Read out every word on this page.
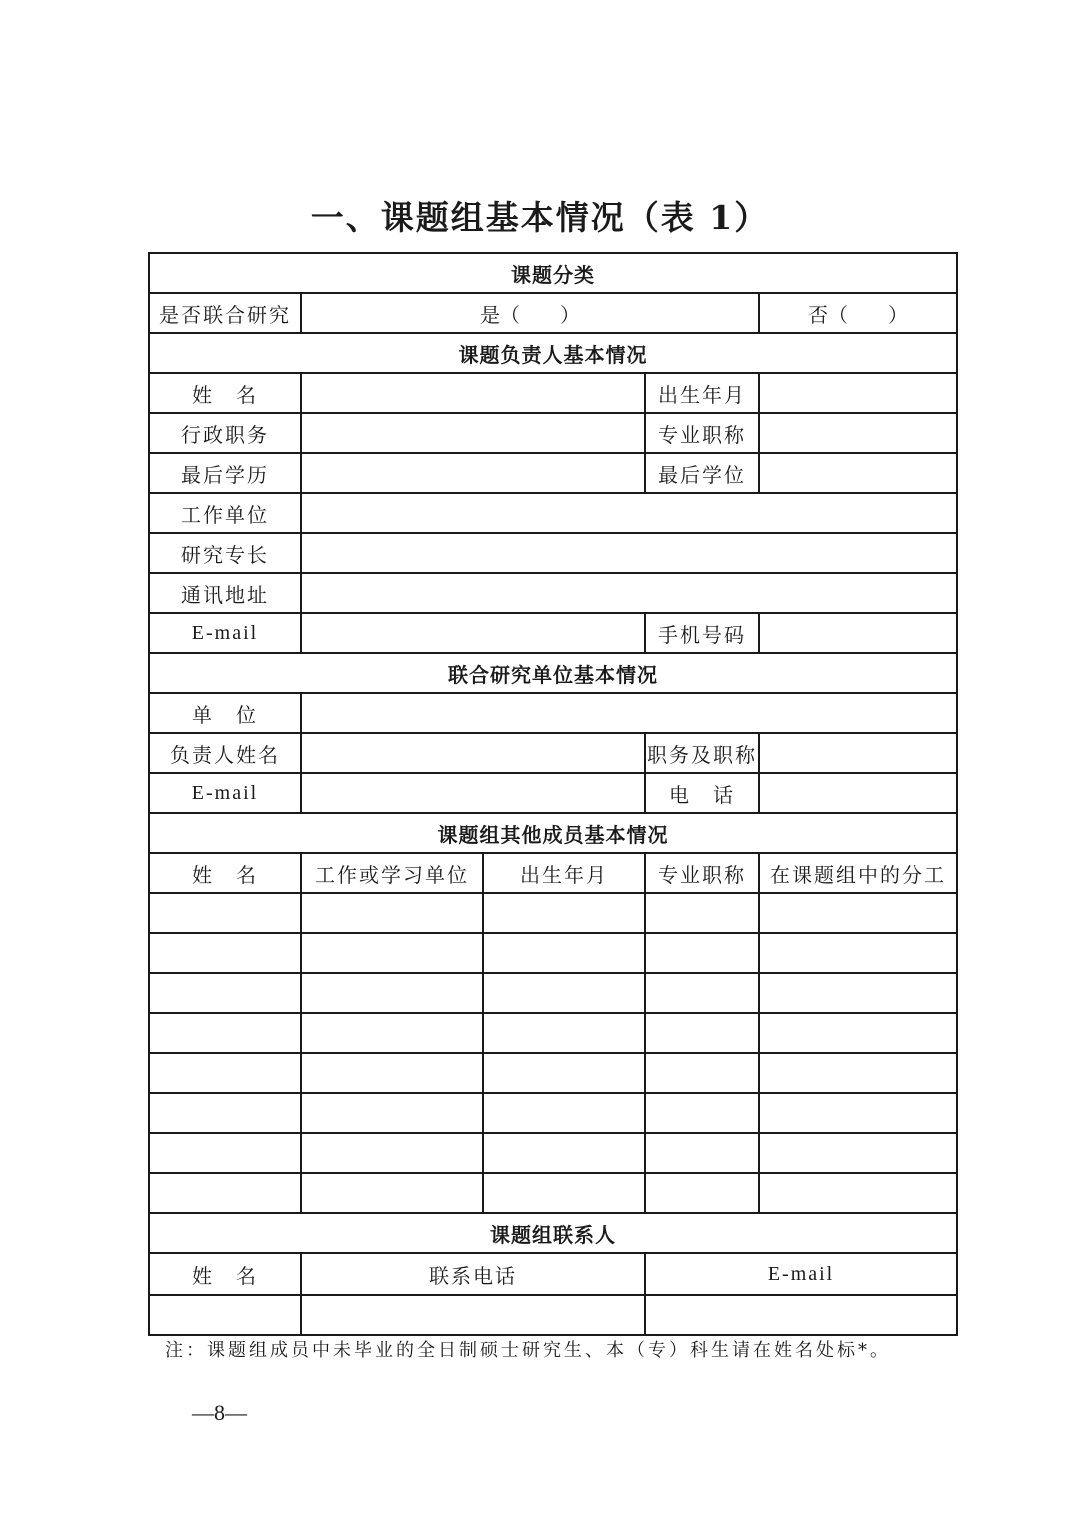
一、课题组基本情况（表 1）
课题分类				
是否联合研究	是（　　）			否（　　）
课题负责人基本情况				
姓　名			出生年月	
行政职务			专业职称	
最后学历			最后学位	
工作单位				
研究专长				
通讯地址				
E-mail			手机号码	
联合研究单位基本情况				
单　位				
负责人姓名			职务及职称	
E-mail			电　话	
课题组其他成员基本情况				
姓　名	工作或学习单位	出生年月	专业职称	在课题组中的分工

课题组联系人				
姓　名	联系电话		E-mail	

注：课题组成员中未毕业的全日制硕士研究生、本（专）科生请在姓名处标*。
—8—
